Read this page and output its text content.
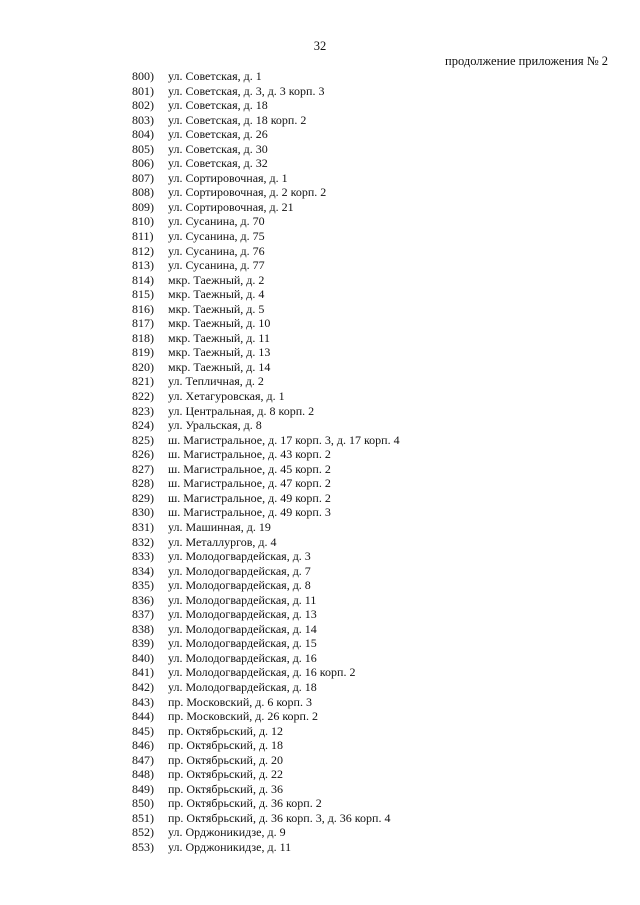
32
продолжение приложения № 2
800)	ул. Советская, д. 1
801)	ул. Советская, д. 3, д. 3 корп. 3
802)	ул. Советская, д. 18
803)	ул. Советская, д. 18 корп. 2
804)	ул. Советская, д. 26
805)	ул. Советская, д. 30
806)	ул. Советская, д. 32
807)	ул. Сортировочная, д. 1
808)	ул. Сортировочная, д. 2 корп. 2
809)	ул. Сортировочная, д. 21
810)	ул. Сусанина, д. 70
811)	ул. Сусанина, д. 75
812)	ул. Сусанина, д. 76
813)	ул. Сусанина, д. 77
814)	мкр. Таежный, д. 2
815)	мкр. Таежный, д. 4
816)	мкр. Таежный, д. 5
817)	мкр. Таежный, д. 10
818)	мкр. Таежный, д. 11
819)	мкр. Таежный, д. 13
820)	мкр. Таежный, д. 14
821)	ул. Тепличная, д. 2
822)	ул. Хетагуровская, д. 1
823)	ул. Центральная, д. 8 корп. 2
824)	ул. Уральская, д. 8
825)	ш. Магистральное, д. 17 корп. 3, д. 17 корп. 4
826)	ш. Магистральное, д. 43 корп. 2
827)	ш. Магистральное, д. 45 корп. 2
828)	ш. Магистральное, д. 47 корп. 2
829)	ш. Магистральное, д. 49 корп. 2
830)	ш. Магистральное, д. 49 корп. 3
831)	ул. Машинная, д. 19
832)	ул. Металлургов, д. 4
833)	ул. Молодогвардейская, д. 3
834)	ул. Молодогвардейская, д. 7
835)	ул. Молодогвардейская, д. 8
836)	ул. Молодогвардейская, д. 11
837)	ул. Молодогвардейская, д. 13
838)	ул. Молодогвардейская, д. 14
839)	ул. Молодогвардейская, д. 15
840)	ул. Молодогвардейская, д. 16
841)	ул. Молодогвардейская, д. 16 корп. 2
842)	ул. Молодогвардейская, д. 18
843)	пр. Московский, д. 6 корп. 3
844)	пр. Московский, д. 26 корп. 2
845)	пр. Октябрьский, д. 12
846)	пр. Октябрьский, д. 18
847)	пр. Октябрьский, д. 20
848)	пр. Октябрьский, д. 22
849)	пр. Октябрьский, д. 36
850)	пр. Октябрьский, д. 36 корп. 2
851)	пр. Октябрьский, д. 36 корп. 3, д. 36 корп. 4
852)	ул. Орджоникидзе, д. 9
853)	ул. Орджоникидзе, д. 11
